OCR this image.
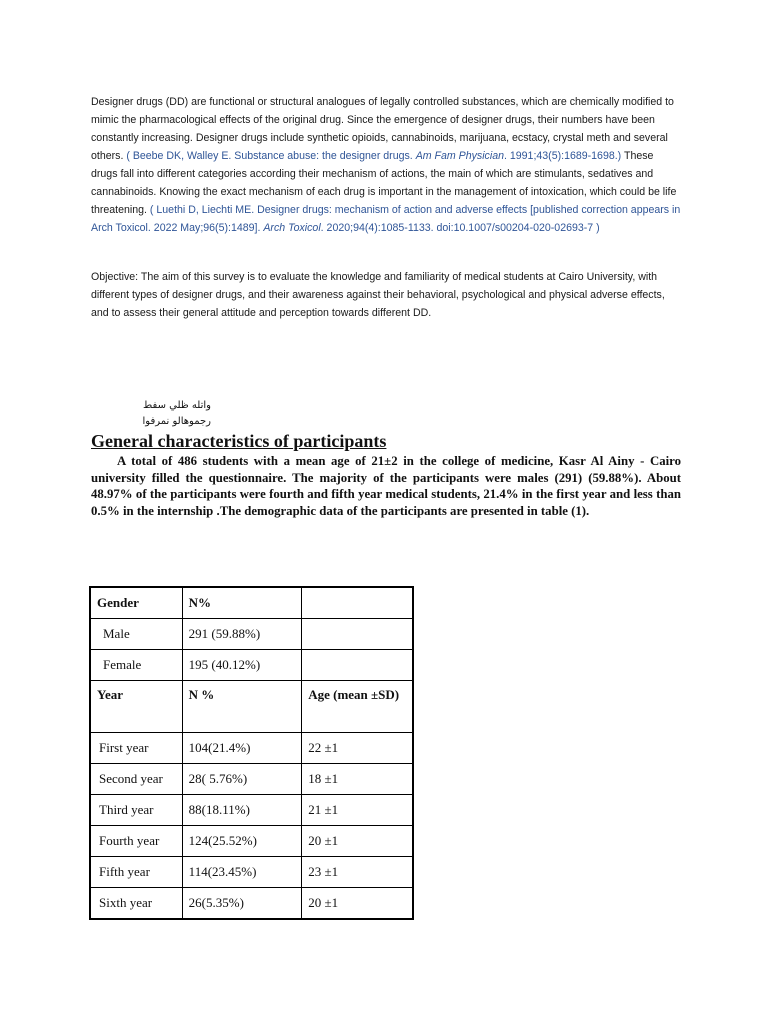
Designer drugs (DD) are functional or structural analogues of legally controlled substances, which are chemically modified to mimic the pharmacological effects of the original drug. Since the emergence of designer drugs, their numbers have been constantly increasing. Designer drugs include synthetic opioids, cannabinoids, marijuana, ecstacy, crystal meth and several others. ( Beebe DK, Walley E. Substance abuse: the designer drugs. Am Fam Physician. 1991;43(5):1689-1698.) These drugs fall into different categories according their mechanism of actions, the main of which are stimulants, sedatives and cannabinoids. Knowing the exact mechanism of each drug is important in the management of intoxication, which could be life threatening. ( Luethi D, Liechti ME. Designer drugs: mechanism of action and adverse effects [published correction appears in Arch Toxicol. 2022 May;96(5):1489]. Arch Toxicol. 2020;94(4):1085-1133. doi:10.1007/s00204-020-02693-7 )
Objective: The aim of this survey is to evaluate the knowledge and familiarity of medical students at Cairo University, with different types of designer drugs, and their awareness against their behavioral, psychological and physical adverse effects, and to assess their general attitude and perception towards different DD.
واتله ظلي سفط
رجموهالو نمرفوا
General characteristics of participants

A total of 486 students with a mean age of 21±2 in the college of medicine, Kasr Al Ainy - Cairo university filled the questionnaire. The majority of the participants were males (291) (59.88%). About 48.97% of the participants were fourth and fifth year medical students, 21.4% in the first year and less than 0.5% in the internship .The demographic data of the participants are presented in table (1).

Gender	N%	
Male	291 (59.88%)	
Female	195 (40.12%)	
Year	N %	Age (mean ±SD)
First year	104(21.4%)	22 ±1
Second year	28( 5.76%)	18 ±1
Third year	88(18.11%)	21 ±1
Fourth year	124(25.52%)	20 ±1
Fifth year	114(23.45%)	23 ±1
Sixth year	26(5.35%)	20 ±1
